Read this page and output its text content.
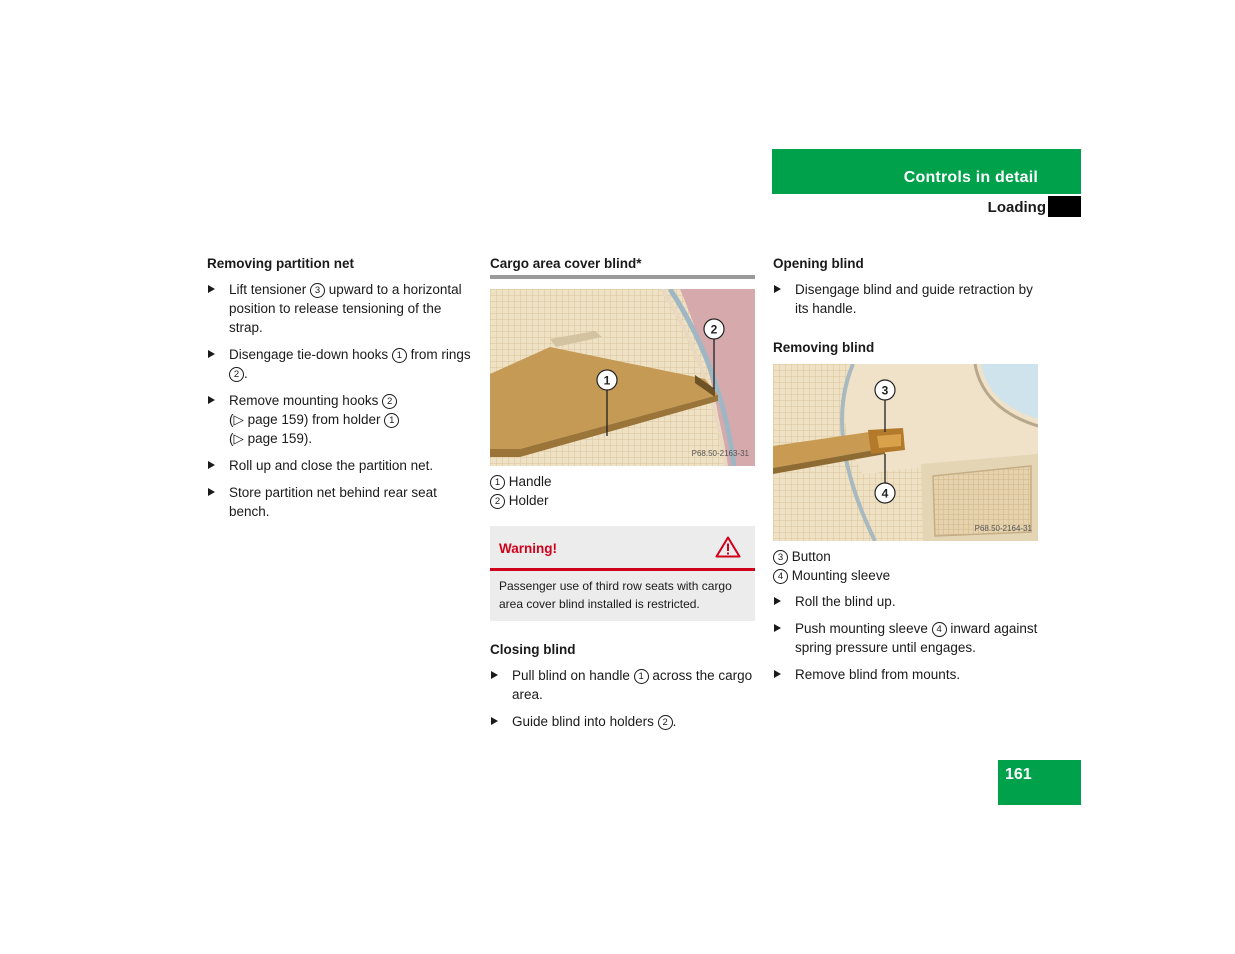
Controls in detail
Loading
Removing partition net
Lift tensioner 3 upward to a horizontal position to release tensioning of the strap.
Disengage tie-down hooks 1 from rings 2 .
Remove mounting hooks 2
(▷ page 159) from holder 1
(▷ page 159).
Roll up and close the partition net.
Store partition net behind rear seat bench.
Cargo area cover blind*
1
2
P68.50-2163-31
1 Handle
2 Holder
Warning!
Passenger use of third row seats with cargo area cover blind installed is restricted.
Closing blind
Pull blind on handle 1 across the cargo area.
Guide blind into holders 2 .
Opening blind
Disengage blind and guide retraction by its handle.
Removing blind
3
4
P68.50-2164-31
3 Button
4 Mounting sleeve
Roll the blind up.
Push mounting sleeve 4 inward against spring pressure until engages.
Remove blind from mounts.
161
